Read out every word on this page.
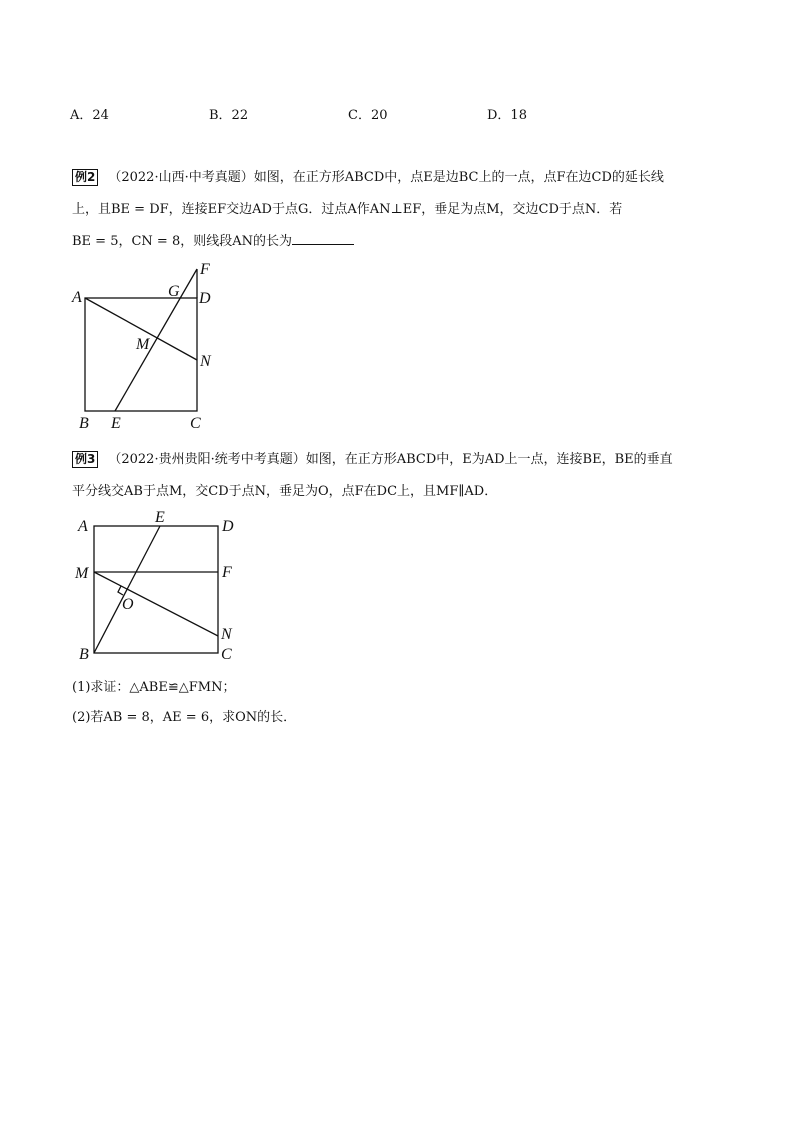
A．24	B．22	C．20	D．18
例2 （2022·山西·中考真题）如图，在正方形ABCD中，点E是边BC上的一点，点F在边CD的延长线
上，且BE = DF，连接EF交边AD于点G．过点A作AN⊥EF，垂足为点M，交边CD于点N．若
BE = 5，CN = 8，则线段AN的长为
A
B	C
D
E
F
G
M
N
例3 （2022·贵州贵阳·统考中考真题）如图，在正方形ABCD中，E为AD上一点，连接BE，BE的垂直
平分线交AB于点M，交CD于点N，垂足为O，点F在DC上，且MF∥AD．
A
B	C
D
E
F
M
N
O
(1)求证：△ABE≌△FMN；
(2)若AB = 8，AE = 6，求ON的长．
